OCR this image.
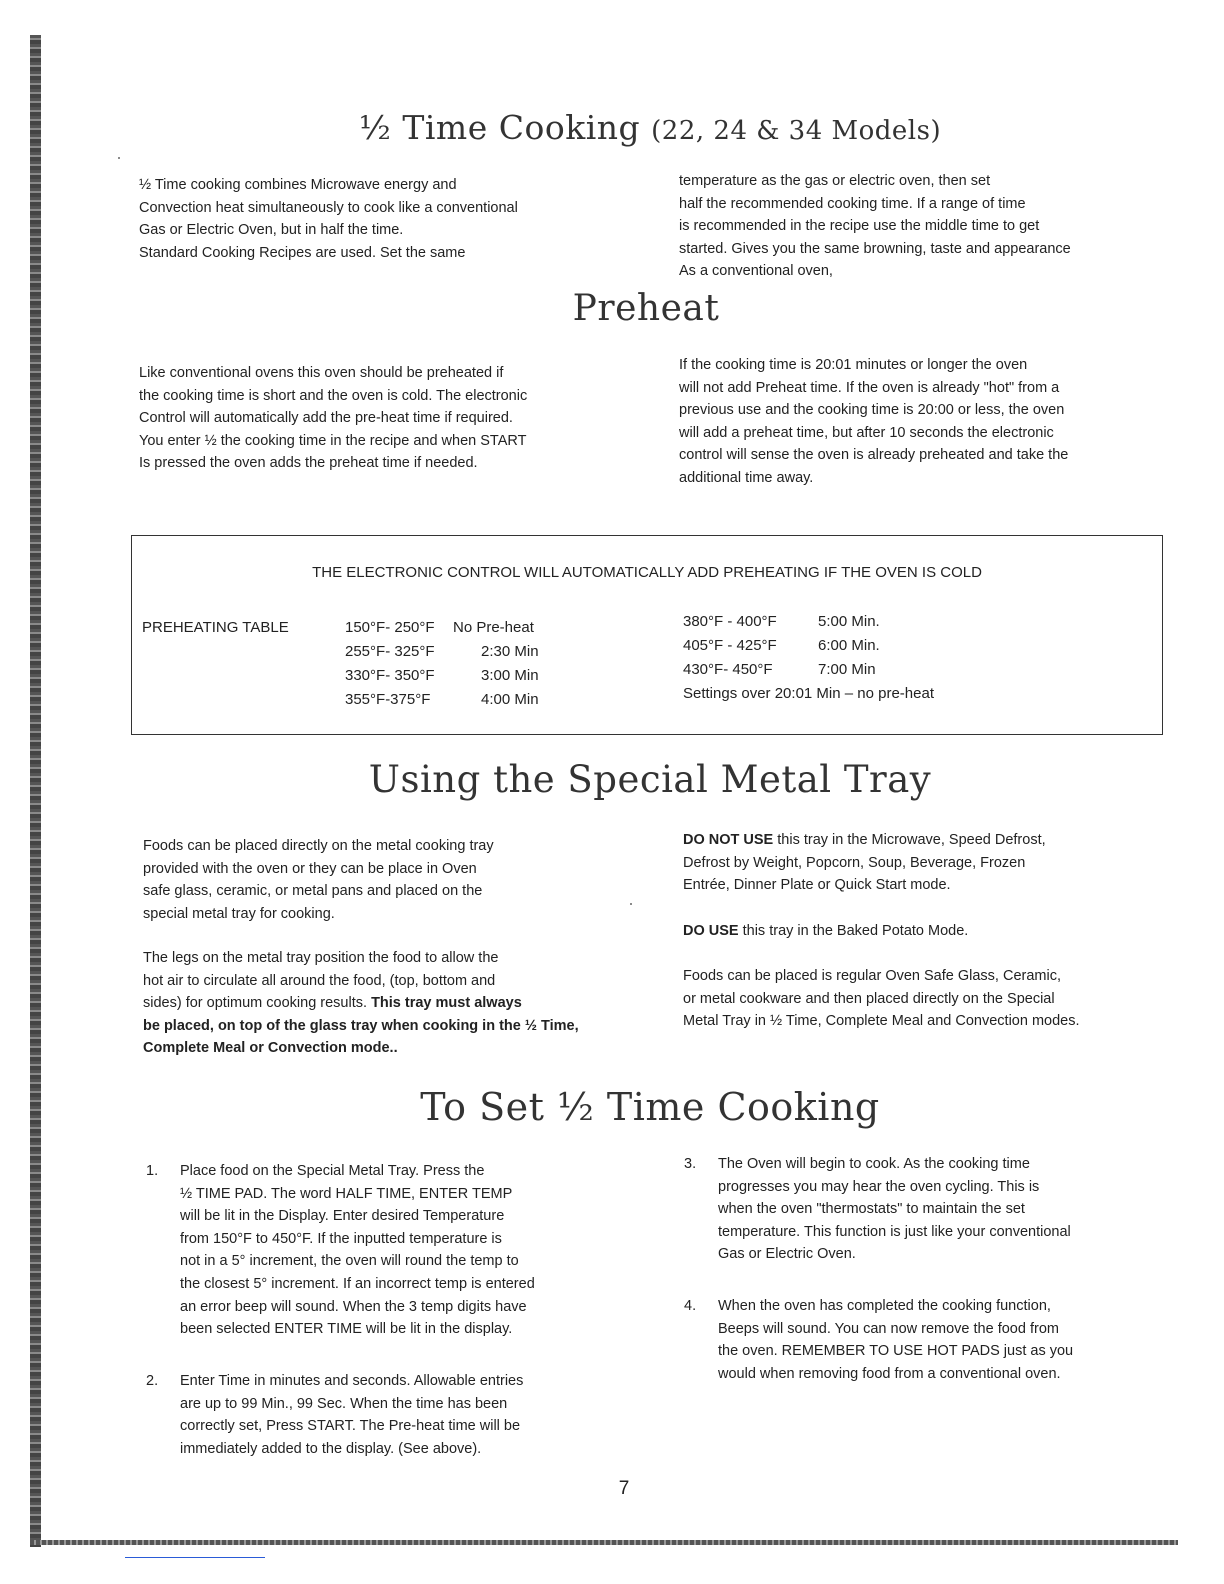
½ Time Cooking (22, 24 & 34 Models)

½ Time cooking combines Microwave energy and
Convection heat simultaneously to cook like a conventional
Gas or Electric Oven, but in half the time.
Standard Cooking Recipes are used. Set the same

temperature as the gas or electric oven, then set
half the recommended cooking time. If a range of time
is recommended in the recipe use the middle time to get
started. Gives you the same browning, taste and appearance
As a conventional oven,

Preheat

Like conventional ovens this oven should be preheated if
the cooking time is short and the oven is cold. The electronic
Control will automatically add the pre-heat time if required.
You enter ½ the cooking time in the recipe and when START
Is pressed the oven adds the preheat time if needed.

If the cooking time is 20:01 minutes or longer the oven
will not add Preheat time. If the oven is already "hot" from a
previous use and the cooking time is 20:00 or less, the oven
will add a preheat time, but after 10 seconds the electronic
control will sense the oven is already preheated and take the
additional time away.

THE ELECTRONIC CONTROL WILL AUTOMATICALLY ADD PREHEATING IF THE OVEN IS COLD

PREHEATING TABLE	150°F- 250°F No Pre-heat
255°F- 325°F	2:30 Min
330°F- 350°F	3:00 Min
355°F-375°F	4:00 Min
380°F - 400°F	5:00 Min.
405°F - 425°F	6:00 Min.
430°F- 450°F	7:00 Min
Settings over 20:01 Min – no pre-heat
Using the Special Metal Tray

Foods can be placed directly on the metal cooking tray
provided with the oven or they can be place in Oven
safe glass, ceramic, or metal pans and placed on the
special metal tray for cooking.

The legs on the metal tray position the food to allow the
hot air to circulate all around the food, (top, bottom and
sides) for optimum cooking results. This tray must always
be placed, on top of the glass tray when cooking in the ½ Time,
Complete Meal or Convection mode..

DO NOT USE this tray in the Microwave, Speed Defrost,
Defrost by Weight, Popcorn, Soup, Beverage, Frozen
Entrée, Dinner Plate or Quick Start mode.

DO USE this tray in the Baked Potato Mode.

Foods can be placed is regular Oven Safe Glass, Ceramic,
or metal cookware and then placed directly on the Special
Metal Tray in ½ Time, Complete Meal and Convection modes.

To Set ½ Time Cooking
1.	Place food on the Special Metal Tray. Press the
½ TIME PAD. The word HALF TIME, ENTER TEMP
will be lit in the Display. Enter desired Temperature
from 150°F to 450°F. If the inputted temperature is
not in a 5° increment, the oven will round the temp to
the closest 5° increment. If an incorrect temp is entered
an error beep will sound. When the 3 temp digits have
been selected ENTER TIME will be lit in the display.
2.	Enter Time in minutes and seconds. Allowable entries
are up to 99 Min., 99 Sec. When the time has been
correctly set, Press START. The Pre-heat time will be
immediately added to the display. (See above).
3.	The Oven will begin to cook. As the cooking time
progresses you may hear the oven cycling. This is
when the oven "thermostats" to maintain the set
temperature. This function is just like your conventional
Gas or Electric Oven.
4.	When the oven has completed the cooking function,
Beeps will sound. You can now remove the food from
the oven. REMEMBER TO USE HOT PADS just as you
would when removing food from a conventional oven.

7
